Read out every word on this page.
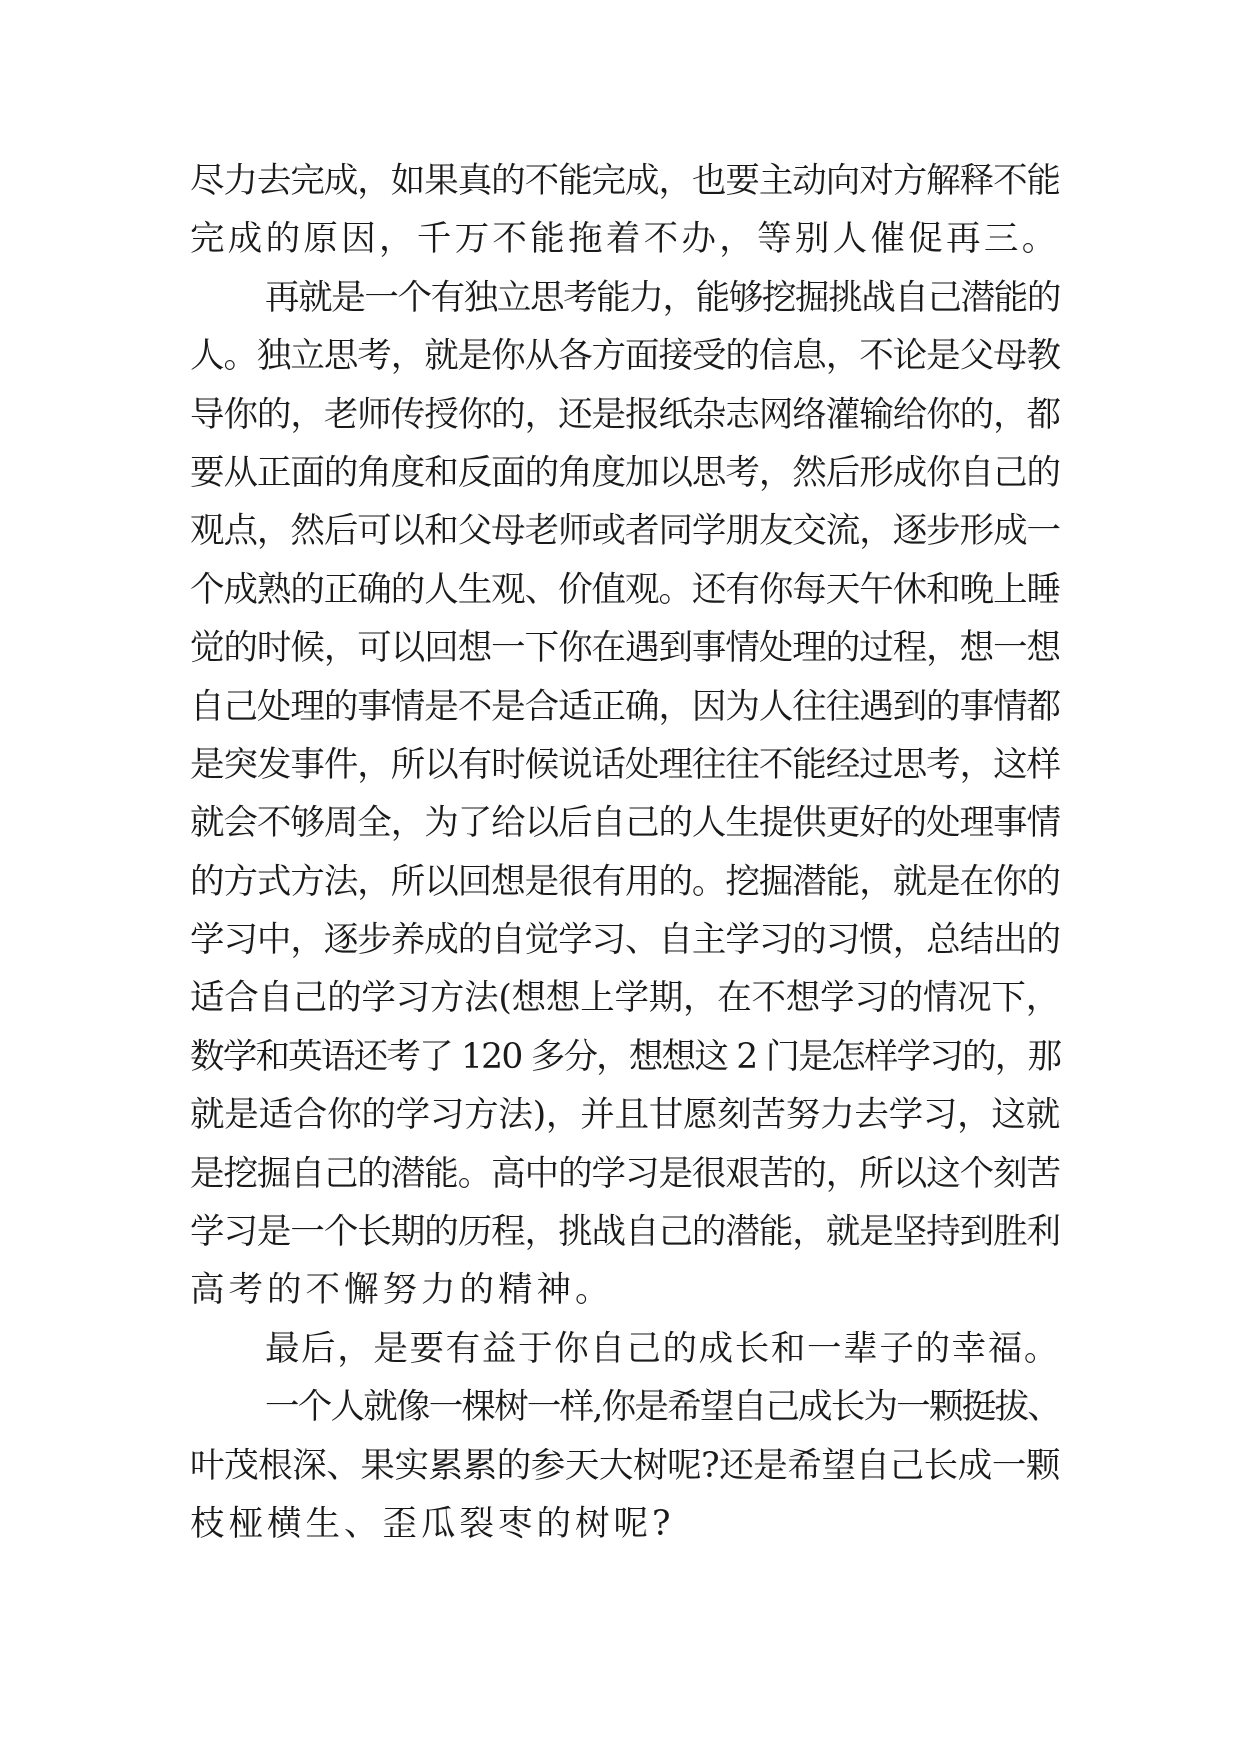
尽力去完成，如果真的不能完成，也要主动向对方解释不能
完成的原因，千万不能拖着不办，等别人催促再三。
再就是一个有独立思考能力，能够挖掘挑战自己潜能的
人。独立思考，就是你从各方面接受的信息，不论是父母教
导你的，老师传授你的，还是报纸杂志网络灌输给你的，都
要从正面的角度和反面的角度加以思考，然后形成你自己的
观点，然后可以和父母老师或者同学朋友交流，逐步形成一
个成熟的正确的人生观、价值观。还有你每天午休和晚上睡
觉的时候，可以回想一下你在遇到事情处理的过程，想一想
自己处理的事情是不是合适正确，因为人往往遇到的事情都
是突发事件，所以有时候说话处理往往不能经过思考，这样
就会不够周全，为了给以后自己的人生提供更好的处理事情
的方式方法，所以回想是很有用的。挖掘潜能，就是在你的
学习中，逐步养成的自觉学习、自主学习的习惯，总结出的
适合自己的学习方法(想想上学期，在不想学习的情况下，
数学和英语还考了 120 多分，想想这 2 门是怎样学习的，那
就是适合你的学习方法)，并且甘愿刻苦努力去学习，这就
是挖掘自己的潜能。高中的学习是很艰苦的，所以这个刻苦
学习是一个长期的历程，挑战自己的潜能，就是坚持到胜利
高考的不懈努力的精神。
最后，是要有益于你自己的成长和一辈子的幸福。
一个人就像一棵树一样,你是希望自己成长为一颗挺拔、
叶茂根深、果实累累的参天大树呢?还是希望自己长成一颗
枝桠横生、歪瓜裂枣的树呢?
